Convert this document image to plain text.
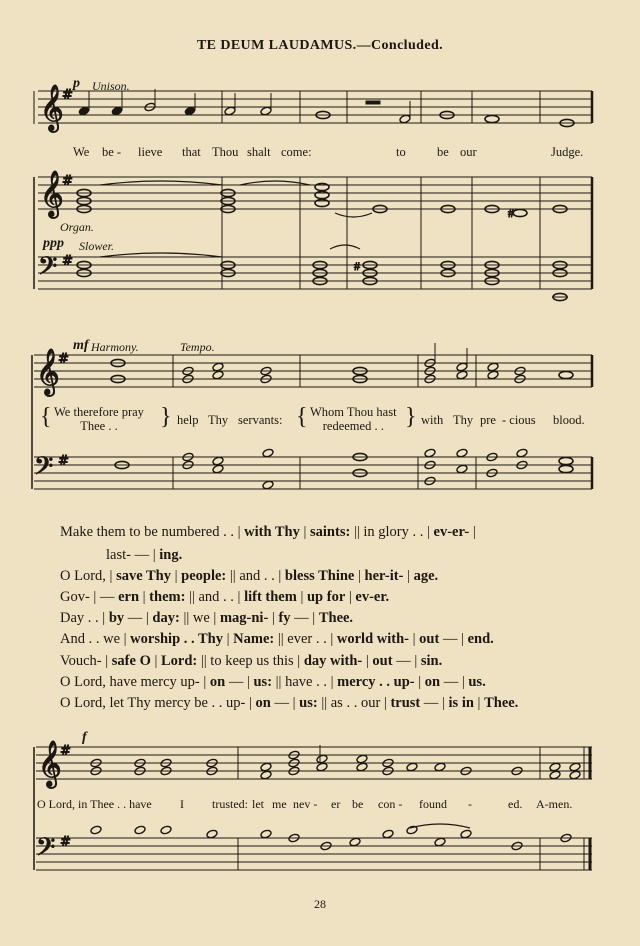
TE DEUM LAUDAMUS.—Concluded.
𝄞
#
𝄞
#
𝄢 #
#
#
𝄞
#
𝄢 #
𝄞
#
𝄢 #
p Unison.
We be - lieve that Thou shalt come:	to	be our	Judge.
Organ.
ppp Slower.
mf Harmony.	Tempo.
{ We therefore pray
Thee . .	} help Thy servants: { Whom Thou hast
redeemed . . } with Thy pre - cious blood.
Make them to be numbered . . | with Thy | saints: || in glory . . | ev-er- |
last- — | ing.
O Lord, | save Thy | people: || and . . | bless Thine | her-it- | age.
Gov- | — ern | them: || and . . | lift them | up for | ev-er.
Day . . | by — | day: || we | mag-ni- | fy — | Thee.
And . . we | worship . . Thy | Name: || ever . . | world with- | out — | end.
Vouch- | safe O | Lord: || to keep us this | day with- | out — | sin.
O Lord, have mercy up- | on — | us: || have . . | mercy . . up- | on — | us.
O Lord, let Thy mercy be . . up- | on — | us: || as . . our | trust — | is in | Thee.
f
O Lord, in Thee . . have I trusted: let me nev - er be con - found -	ed. A-men.
28
